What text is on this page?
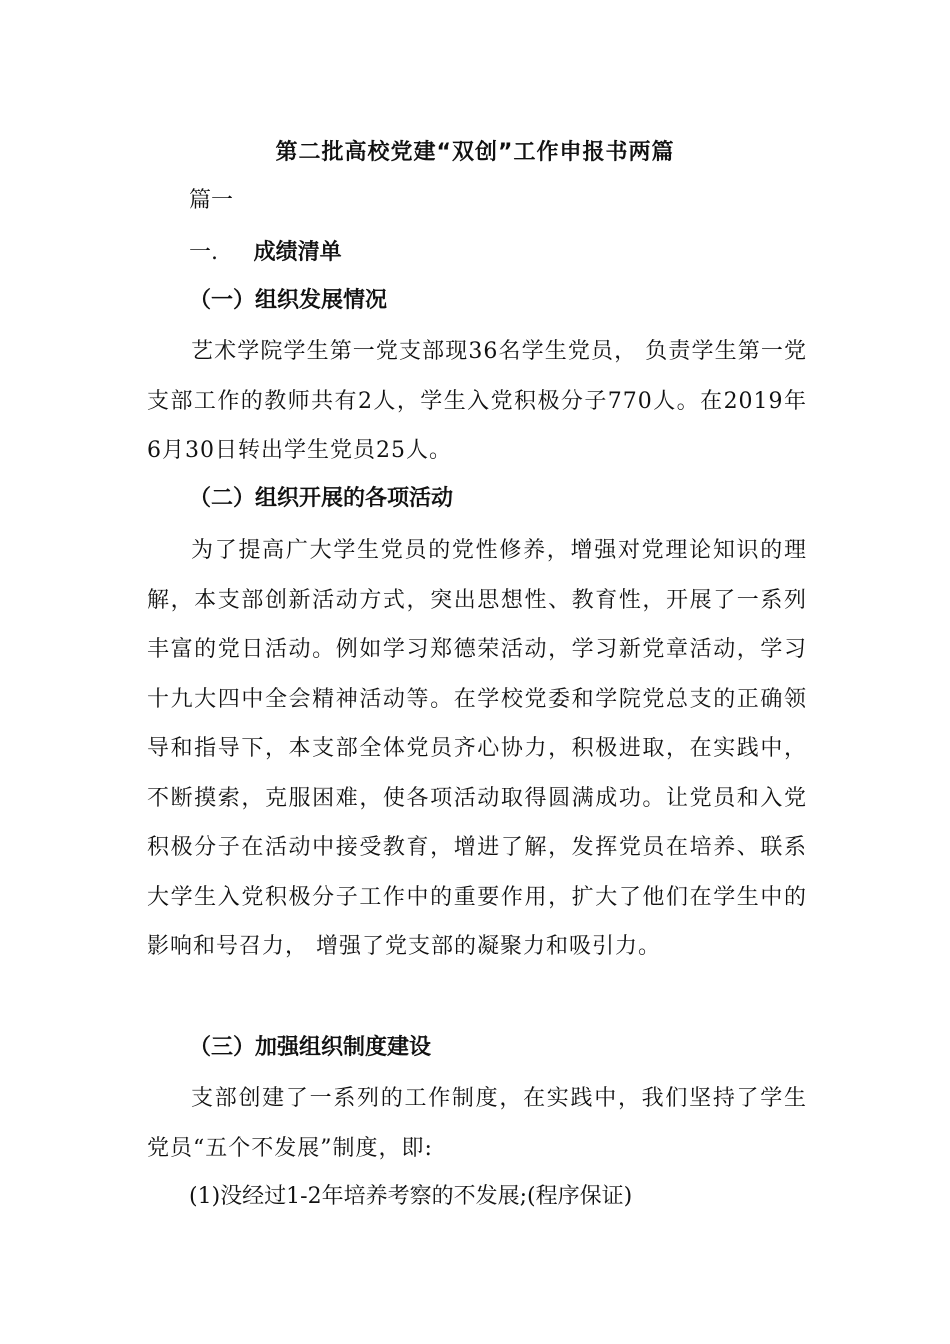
第二批高校党建“双创”工作申报书两篇
篇一
一. 成绩清单
（一）组织发展情况
艺术学院学生第一党支部现36名学生党员， 负责学生第一党支部工作的教师共有2人，学生入党积极分子770人。在2019年6月30日转出学生党员25人。
（二）组织开展的各项活动
为了提高广大学生党员的党性修养，增强对党理论知识的理解，本支部创新活动方式，突出思想性、教育性，开展了一系列丰富的党日活动。例如学习郑德荣活动，学习新党章活动，学习十九大四中全会精神活动等。在学校党委和学院党总支的正确领导和指导下，本支部全体党员齐心协力，积极进取，在实践中，不断摸索，克服困难，使各项活动取得圆满成功。让党员和入党积极分子在活动中接受教育，增进了解，发挥党员在培养、联系大学生入党积极分子工作中的重要作用，扩大了他们在学生中的影响和号召力， 增强了党支部的凝聚力和吸引力。
（三）加强组织制度建设
支部创建了一系列的工作制度，在实践中，我们坚持了学生党员“五个不发展”制度，即:
(1)没经过1-2年培养考察的不发展;(程序保证)
